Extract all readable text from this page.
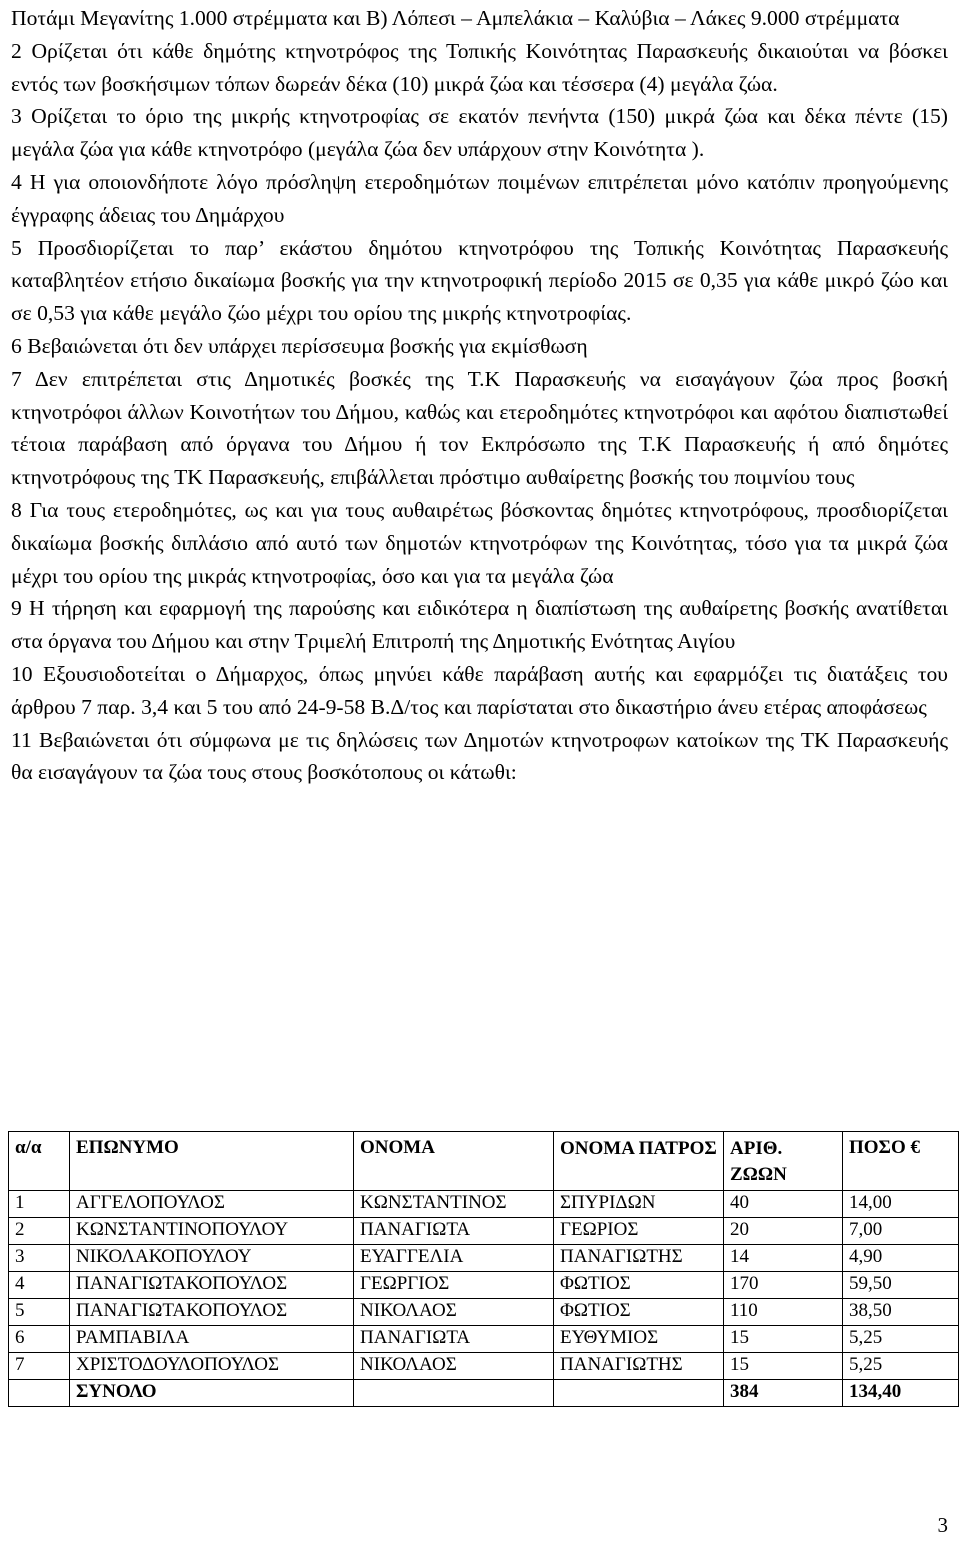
Ποτάμι Μεγανίτης 1.000 στρέμματα και Β) Λόπεσι – Αμπελάκια – Καλύβια – Λάκες 9.000 στρέμματα

2 Ορίζεται ότι κάθε δημότης κτηνοτρόφος της Τοπικής Κοινότητας Παρασκευής δικαιούται να βόσκει εντός των βοσκήσιμων τόπων δωρεάν δέκα (10) μικρά ζώα και τέσσερα (4) μεγάλα ζώα.

3 Ορίζεται το όριο της μικρής κτηνοτροφίας σε εκατόν πενήντα (150) μικρά ζώα και δέκα πέντε (15) μεγάλα ζώα για κάθε κτηνοτρόφο (μεγάλα ζώα δεν υπάρχουν στην Κοινότητα ).

4 Η για οποιονδήποτε λόγο πρόσληψη ετεροδημότων ποιμένων επιτρέπεται μόνο κατόπιν προηγούμενης έγγραφης άδειας του Δημάρχου

5 Προσδιορίζεται το παρ’ εκάστου δημότου κτηνοτρόφου της Τοπικής Κοινότητας Παρασκευής καταβλητέον ετήσιο δικαίωμα βοσκής για την κτηνοτροφική περίοδο 2015 σε 0,35 για κάθε μικρό ζώο και σε 0,53 για κάθε μεγάλο ζώο μέχρι του ορίου της μικρής κτηνοτροφίας.

6 Βεβαιώνεται ότι δεν υπάρχει περίσσευμα βοσκής για εκμίσθωση

7 Δεν επιτρέπεται στις Δημοτικές βοσκές της Τ.Κ Παρασκευής να εισαγάγουν ζώα προς βοσκή κτηνοτρόφοι άλλων Κοινοτήτων του Δήμου, καθώς και ετεροδημότες κτηνοτρόφοι και αφότου διαπιστωθεί τέτοια παράβαση από όργανα του Δήμου ή τον Εκπρόσωπο της Τ.Κ Παρασκευής ή από δημότες κτηνοτρόφους της ΤΚ Παρασκευής, επιβάλλεται πρόστιμο αυθαίρετης βοσκής του ποιμνίου τους

8 Για τους ετεροδημότες, ως και για τους αυθαιρέτως βόσκοντας δημότες κτηνοτρόφους, προσδιορίζεται δικαίωμα βοσκής διπλάσιο από αυτό των δημοτών κτηνοτρόφων της Κοινότητας, τόσο για τα μικρά ζώα μέχρι του ορίου της μικράς κτηνοτροφίας, όσο και για τα μεγάλα ζώα

9 Η τήρηση και εφαρμογή της παρούσης και ειδικότερα η διαπίστωση της αυθαίρετης βοσκής ανατίθεται στα όργανα του Δήμου και στην Τριμελή Επιτροπή της Δημοτικής Ενότητας Αιγίου

10 Εξουσιοδοτείται ο Δήμαρχος, όπως μηνύει κάθε παράβαση αυτής και εφαρμόζει τις διατάξεις του άρθρου 7 παρ. 3,4 και 5 του από 24-9-58 Β.Δ/τος και παρίσταται στο δικαστήριο άνευ ετέρας αποφάσεως

11 Βεβαιώνεται ότι σύμφωνα με τις δηλώσεις των Δημοτών κτηνοτροφων κατοίκων της ΤΚ Παρασκευής θα εισαγάγουν τα ζώα τους στους βοσκότοπους οι κάτωθι:

α/α	ΕΠΩΝΥΜΟ	ΟΝΟΜΑ	ΟΝΟΜΑ ΠΑΤΡΟΣ	ΑΡΙΘ. ΖΩΩΝ	ΠΟΣΟ €
1	ΑΓΓΕΛΟΠΟΥΛΟΣ	ΚΩΝΣΤΑΝΤΙΝΟΣ	ΣΠΥΡΙΔΩΝ	40	14,00
2	ΚΩΝΣΤΑΝΤΙΝΟΠΟΥΛΟΥ	ΠΑΝΑΓΙΩΤΑ	ΓΕΩΡΙΟΣ	20	7,00
3	ΝΙΚΟΛΑΚΟΠΟΥΛΟΥ	ΕΥΑΓΓΕΛΙΑ	ΠΑΝΑΓΙΩΤΗΣ	14	4,90
4	ΠΑΝΑΓΙΩΤΑΚΟΠΟΥΛΟΣ	ΓΕΩΡΓΙΟΣ	ΦΩΤΙΟΣ	170	59,50
5	ΠΑΝΑΓΙΩΤΑΚΟΠΟΥΛΟΣ	ΝΙΚΟΛΑΟΣ	ΦΩΤΙΟΣ	110	38,50
6	ΡΑΜΠΑΒΙΛΑ	ΠΑΝΑΓΙΩΤΑ	ΕΥΘΥΜΙΟΣ	15	5,25
7	ΧΡΙΣΤΟΔΟΥΛΟΠΟΥΛΟΣ	ΝΙΚΟΛΑΟΣ	ΠΑΝΑΓΙΩΤΗΣ	15	5,25
	ΣΥΝΟΛΟ			384	134,40
3
